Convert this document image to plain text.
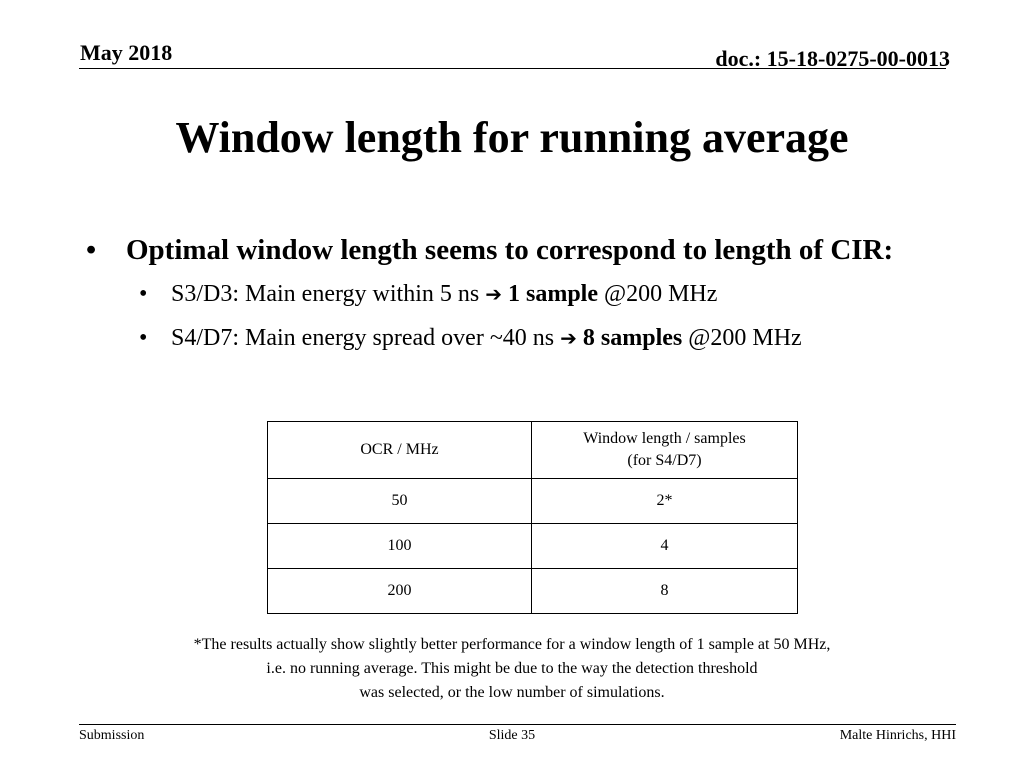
May 2018	doc.: 15-18-0275-00-0013
Window length for running average
• Optimal window length seems to correspond to length of CIR:
• S3/D3: Main energy within 5 ns ➔ 1 sample @200 MHz
• S4/D7: Main energy spread over ~40 ns ➔ 8 samples @200 MHz
OCR / MHz	Window length / samples
(for S4/D7)
50	2*
100	4
200	8
*The results actually show slightly better performance for a window length of 1 sample at 50 MHz,
i.e. no running average. This might be due to the way the detection threshold
was selected, or the low number of simulations.
Submission	Slide 35	Malte Hinrichs, HHI
